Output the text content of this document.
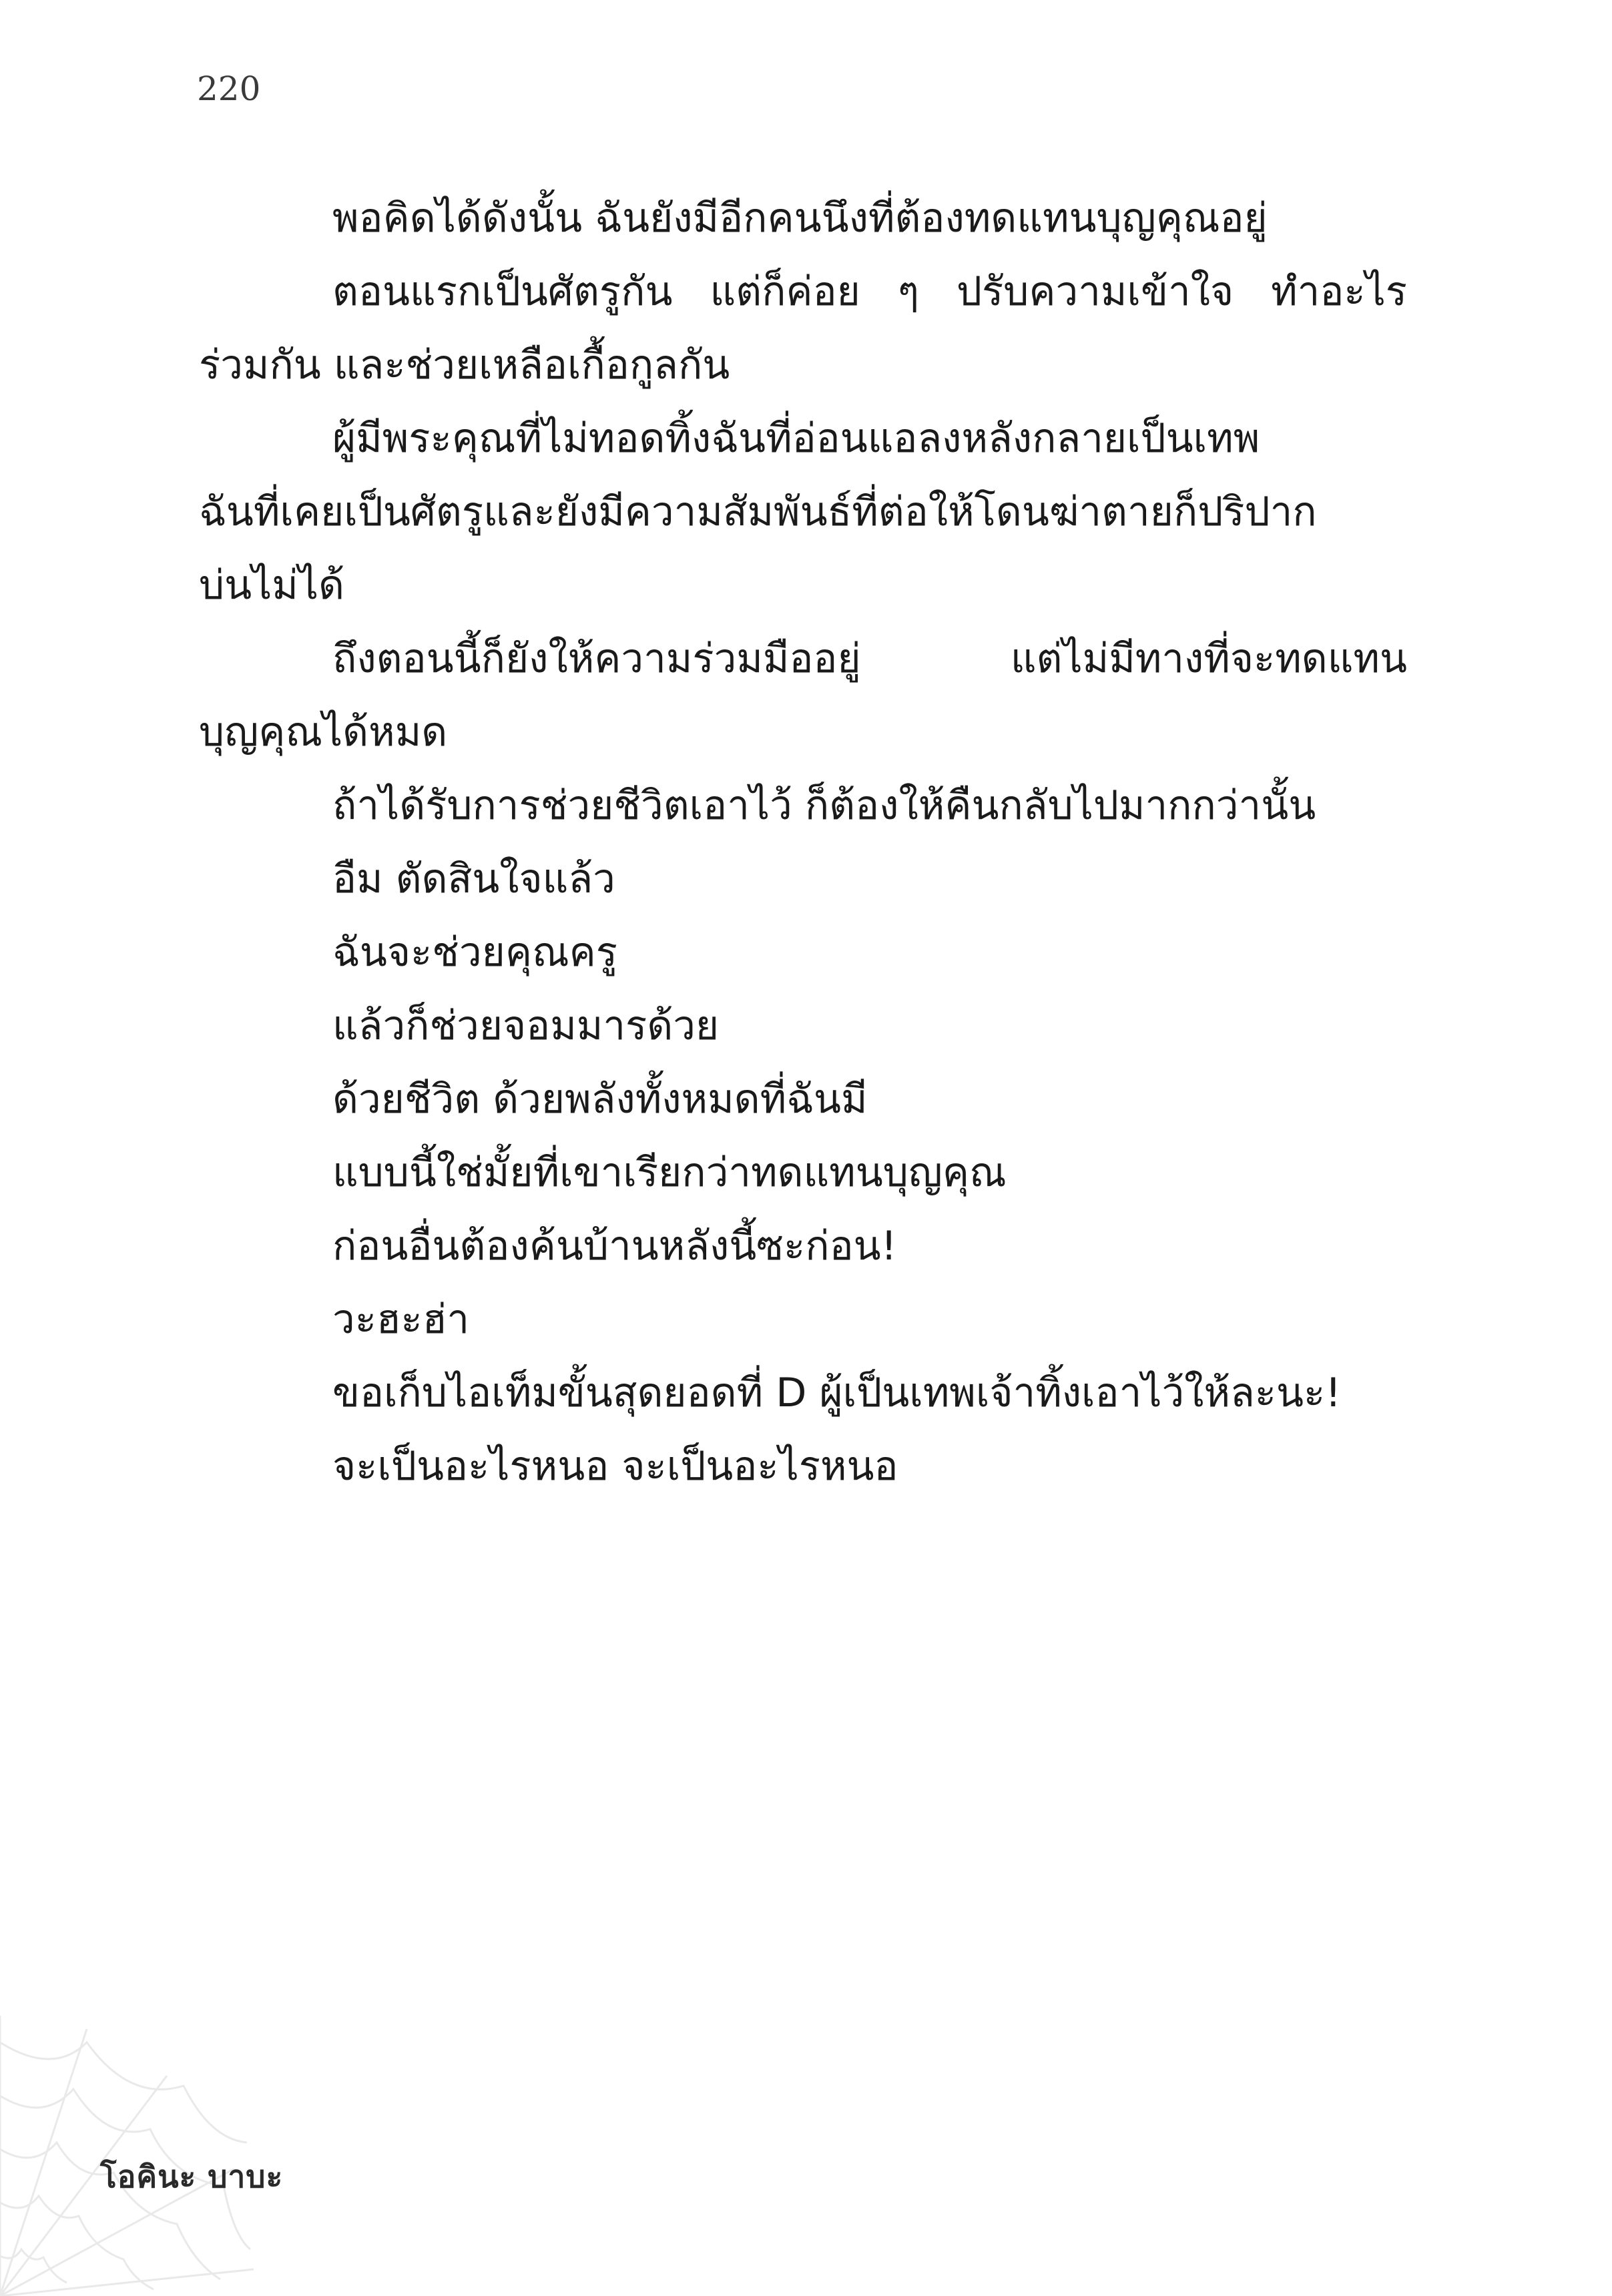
220
พอคิดได้ดังนั้น ฉันยังมีอีกคนนึงที่ต้องทดแทนบุญคุณอยู่
ตอนแรกเป็นศัตรูกัน แต่ก็ค่อย ๆ ปรับความเข้าใจ ทำอะไร
ร่วมกัน และช่วยเหลือเกื้อกูลกัน
ผู้มีพระคุณที่ไม่ทอดทิ้งฉันที่อ่อนแอลงหลังกลายเป็นเทพ
ฉันที่เคยเป็นศัตรูและยังมีความสัมพันธ์ที่ต่อให้โดนฆ่าตายก็ปริปาก
บ่นไม่ได้
ถึงตอนนี้ก็ยังให้ความร่วมมืออยู่ แต่ไม่มีทางที่จะทดแทน
บุญคุณได้หมด
ถ้าได้รับการช่วยชีวิตเอาไว้ ก็ต้องให้คืนกลับไปมากกว่านั้น
อืม ตัดสินใจแล้ว
ฉันจะช่วยคุณครู
แล้วก็ช่วยจอมมารด้วย
ด้วยชีวิต ด้วยพลังทั้งหมดที่ฉันมี
แบบนี้ใช่มั้ยที่เขาเรียกว่าทดแทนบุญคุณ
ก่อนอื่นต้องค้นบ้านหลังนี้ซะก่อน!
วะฮะฮ่า
ขอเก็บไอเท็มขั้นสุดยอดที่ D ผู้เป็นเทพเจ้าทิ้งเอาไว้ให้ละนะ!
จะเป็นอะไรหนอ จะเป็นอะไรหนอ
โอคินะ บาบะ
